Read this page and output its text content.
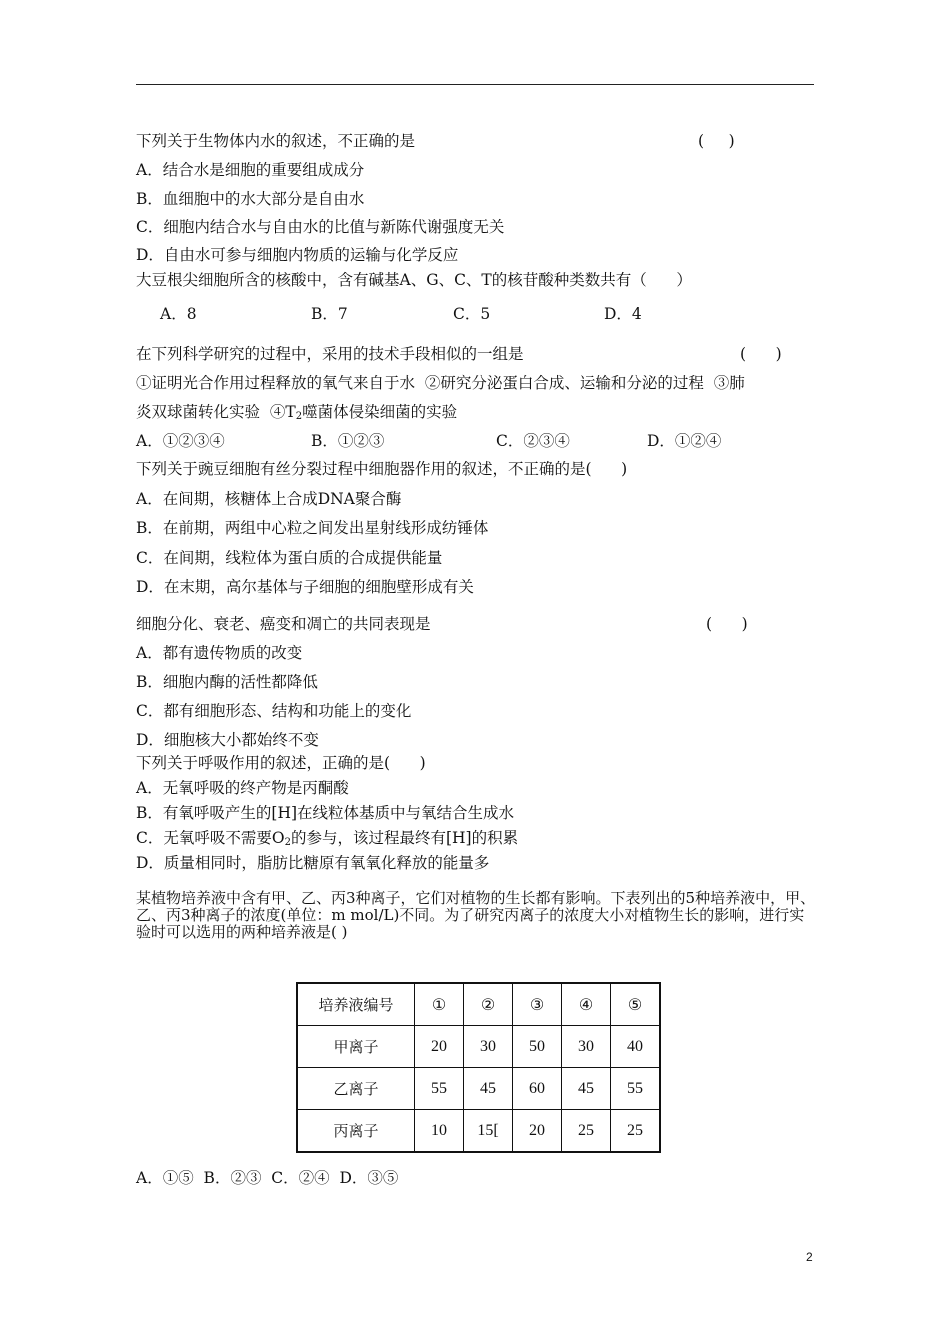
下列关于生物体内水的叙述，不正确的是	(     )
A．结合水是细胞的重要组成成分
B．血细胞中的水大部分是自由水
C．细胞内结合水与自由水的比值与新陈代谢强度无关
D．自由水可参与细胞内物质的运输与化学反应
大豆根尖细胞所含的核酸中，含有碱基A、G、C、T的核苷酸种类数共有（      ）
A．8	B．7	C．5	D．4
在下列科学研究的过程中，采用的技术手段相似的一组是	(      )
①证明光合作用过程释放的氧气来自于水  ②研究分泌蛋白合成、运输和分泌的过程  ③肺
炎双球菌转化实验  $④T_2$噬菌体侵染细菌的实验
A．①②③④	B．①②③	C．②③④	D．①②④
下列关于豌豆细胞有丝分裂过程中细胞器作用的叙述，不正确的是(      )
A．在间期，核糖体上合成DNA聚合酶
B．在前期，两组中心粒之间发出星射线形成纺锤体
C．在间期，线粒体为蛋白质的合成提供能量
D．在末期，高尔基体与子细胞的细胞壁形成有关
细胞分化、衰老、癌变和凋亡的共同表现是	(      )
A．都有遗传物质的改变
B．细胞内酶的活性都降低
C．都有细胞形态、结构和功能上的变化
D．细胞核大小都始终不变
下列关于呼吸作用的叙述，正确的是(      )
A．无氧呼吸的终产物是丙酮酸
B．有氧呼吸产生的[H]在线粒体基质中与氧结合生成水
C．无氧呼吸不需要$O_2$的参与，该过程最终有[H]的积累
D．质量相同时，脂肪比糖原有氧氧化释放的能量多
某植物培养液中含有甲、乙、丙3种离子，它们对植物的生长都有影响。下表列出的5种培养液中，甲、乙、丙3种离子的浓度(单位：m mol/L)不同。为了研究丙离子的浓度大小对植物生长的影响，进行实验时可以选用的两种培养液是( )
培养液编号	①	②	③	④	⑤
甲离子	20	30	50	30	40
乙离子	55	45	60	45	55
丙离子	10	15[	20	25	25
A．①⑤  B．②③  C．②④  D．③⑤
2
